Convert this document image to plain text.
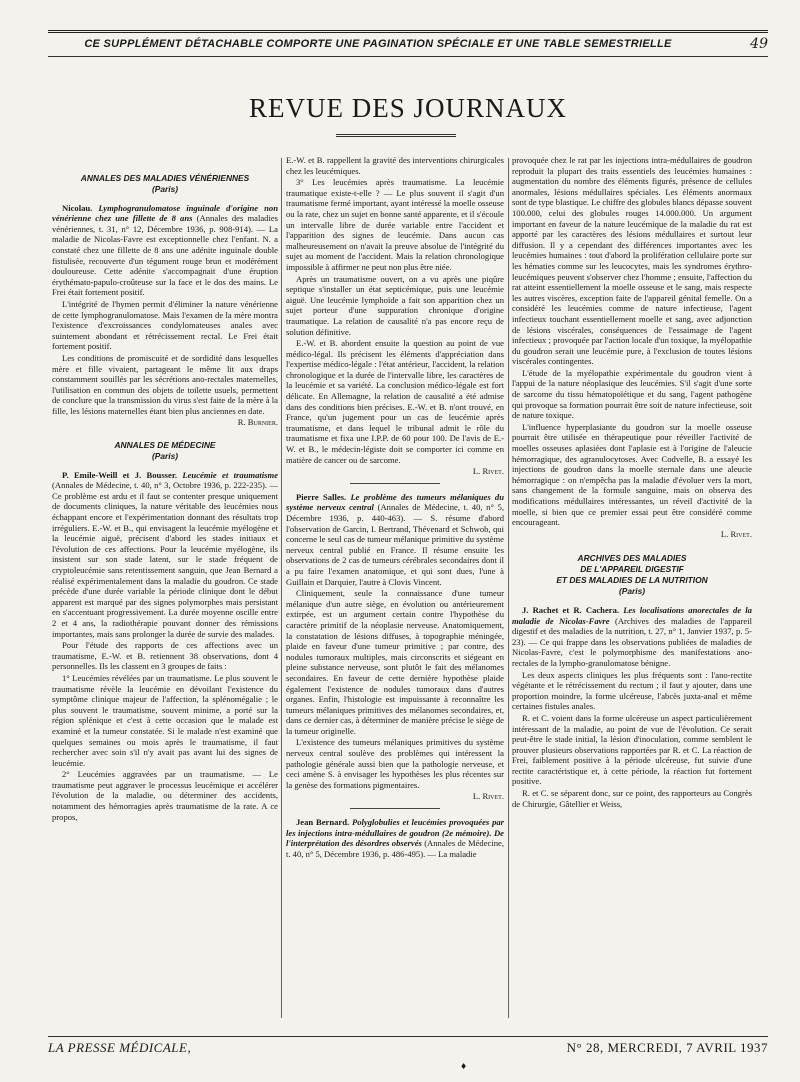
CE SUPPLÉMENT DÉTACHABLE COMPORTE UNE PAGINATION SPÉCIALE ET UNE TABLE SEMESTRIELLE	49
REVUE DES JOURNAUX
ANNALES DES MALADIES VÉNÉRIENNES
(Paris)

Nicolau. Lymphogranulomatose inguinale d'origine non vénérienne chez une fillette de 8 ans (Annales des maladies vénériennes, t. 31, n° 12, Décembre 1936, p. 908-914). — La maladie de Nicolas-Favre est exceptionnelle chez l'enfant. N. a constaté chez une fillette de 8 ans une adénite inguinale double fistulisée, recouverte d'un tégument rouge brun et modérément douloureuse. Cette adénite s'accompagnait d'une éruption érythémato-papulo-croûteuse sur la face et le dos des mains. Le Frei était fortement positif.

L'intégrité de l'hymen permit d'éliminer la nature vénérienne de cette lymphogranulomatose. Mais l'examen de la mère montra l'existence d'excroissances condylomateuses anales avec suintement abondant et rétrécissement rectal. Le Frei était fortement positif.

Les conditions de promiscuité et de sordidité dans lesquelles mère et fille vivaient, partageant le même lit aux draps constamment souillés par les sécrétions ano-rectales maternelles, l'utilisation en commun des objets de toilette usuels, permettent de conclure que la transmission du virus s'est faite de la mère à la fille, les lésions maternelles étant bien plus anciennes en date.

R. Burnier.

ANNALES DE MÉDECINE
(Paris)

P. Emile-Weill et J. Bousser. Leucémie et traumatisme (Annales de Médecine, t. 40, n° 3, Octobre 1936, p. 222-235). — Ce problème est ardu et il faut se contenter presque uniquement de documents cliniques, la nature véritable des leucémies nous échappant encore et l'expérimentation donnant des résultats trop irréguliers. E.-W. et B., qui envisagent la leucémie myélogène et la leucémie aiguë, précisent d'abord les stades initiaux et l'évolution de ces affections. Pour la leucémie myélogène, ils insistent sur son stade latent, sur le stade fréquent de cryptoleucémie sans retentissement sanguin, que Jean Bernard a réalisé expérimentalement dans la maladie du goudron. Ce stade précède d'une durée variable la période clinique dont le début apparent est marqué par des signes polymorphes mais persistant en s'accentuant progressivement. La durée moyenne oscille entre 2 et 4 ans, la radiothérapie pouvant donner des rémissions importantes, mais sans prolonger la durée de survie des malades.

Pour l'étude des rapports de ces affections avec un traumatisme, E.-W. et B. retiennent 38 observations, dont 4 personnelles. Ils les classent en 3 groupes de faits :

1° Leucémies révélées par un traumatisme. Le plus souvent le traumatisme révèle la leucémie en dévoilant l'existence du symptôme clinique majeur de l'affection, la splénomégalie ; le plus souvent le traumatisme, souvent minime, a porté sur la région splénique et c'est à cette occasion que le malade est examiné et la tumeur constatée. Si le malade n'est examiné que quelques semaines ou mois après le traumatisme, il faut rechercher avec soin s'il n'y avait pas avant lui des signes de leucémie.

2° Leucémies aggravées par un traumatisme. — Le traumatisme peut aggraver le processus leucémique et accélérer l'évolution de la maladie, ou déterminer des accidents, notamment des hémorragies après traumatisme de la rate. A ce propos,

E.-W. et B. rappellent la gravité des interventions chirurgicales chez les leucémiques.

3° Les leucémies après traumatisme. La leucémie traumatique existe-t-elle ? — Le plus souvent il s'agit d'un traumatisme fermé important, ayant intéressé la moelle osseuse ou la rate, chez un sujet en bonne santé apparente, et il s'écoule un intervalle libre de durée variable entre l'accident et l'apparition des signes de leucémie. Dans aucun cas malheureusement on n'avait la preuve absolue de l'intégrité du sujet au moment de l'accident. Mais la relation chronologique impossible à affirmer ne peut non plus être niée.

Après un traumatisme ouvert, on a vu après une piqûre septique s'installer un état septicémique, puis une leucémie aiguë. Une leucémie lymphoïde a fait son apparition chez un sujet porteur d'une suppuration chronique d'origine traumatique. La relation de causalité n'a pas encore reçu de solution définitive.

E.-W. et B. abordent ensuite la question au point de vue médico-légal. Ils précisent les éléments d'appréciation dans l'expertise médico-légale : l'état antérieur, l'accident, la relation chronologique et la durée de l'intervalle libre, les caractères de la leucémie et sa variété. La conclusion médico-légale est fort délicate. En Allemagne, la relation de causalité a été admise dans des conditions bien précises. E.-W. et B. n'ont trouvé, en France, qu'un jugement pour un cas de leucémie après traumatisme, et dans lequel le tribunal admit le rôle du traumatisme et fixa une I.P.P. de 60 pour 100. De l'avis de E.-W. et B., le médecin-légiste doit se comporter ici comme en matière de cancer ou de sarcome.

L. Rivet.

Pierre Salles. Le problème des tumeurs mélaniques du système nerveux central (Annales de Médecine, t. 40, n° 5, Décembre 1936, p. 440-463). — S. résume d'abord l'observation de Garcin, I. Bertrand, Thévenard et Schwob, qui concerne le seul cas de tumeur mélanique primitive du système nerveux central publié en France. Il résume ensuite les observations de 2 cas de tumeurs cérébrales secondaires dont il a pu faire l'examen anatomique, et qui sont dues, l'une à Guillain et Darquier, l'autre à Clovis Vincent.

Cliniquement, seule la connaissance d'une tumeur mélanique d'un autre siège, en évolution ou antérieurement extirpée, est un argument certain contre l'hypothèse du caractère primitif de la néoplasie nerveuse. Anatomiquement, la constatation de lésions diffuses, à topographie méningée, plaide en faveur d'une tumeur primitive ; par contre, des nodules tumoraux multiples, mais circonscrits et siégeant en pleine substance nerveuse, sont plutôt le fait des mélanomes secondaires. En faveur de cette dernière hypothèse plaide également l'existence de nodules tumoraux dans d'autres organes. Enfin, l'histologie est impuissante à reconnaître les tumeurs mélaniques primitives des mélanomes secondaires, et, dans ce dernier cas, à déterminer de manière précise le siège de la tumeur originelle.

L'existence des tumeurs mélaniques primitives du système nerveux central soulève des problèmes qui intéressent la pathologie générale aussi bien que la pathologie nerveuse, et ceci amène S. à envisager les hypothèses les plus récentes sur la genèse des formations pigmentaires.

L. Rivet.

Jean Bernard. Polyglobulies et leucémies provoquées par les injections intra-médullaires de goudron (2e mémoire). De l'interprétation des désordres observés (Annales de Médecine, t. 40, n° 5, Décembre 1936, p. 486-495). — La maladie

provoquée chez le rat par les injections intra-médullaires de goudron reproduit la plupart des traits essentiels des leucémies humaines : augmentation du nombre des éléments figurés, présence de cellules anormales, lésions médullaires spéciales. Les éléments anormaux sont de type blastique. Le chiffre des globules blancs dépasse souvent 100.000, celui des globules rouges 14.000.000. Un argument important en faveur de la nature leucémique de la maladie du rat est apporté par les caractères des lésions médullaires et surtout leur diffusion. Il y a cependant des différences importantes avec les leucémies humaines : tout d'abord la prolifération cellulaire porte sur les hématies comme sur les leucocytes, mais les syndromes érythro-leucémiques peuvent s'observer chez l'homme ; ensuite, l'affection du rat atteint essentiellement la moelle osseuse et le sang, mais respecte les autres viscères, exception faite de l'appareil génital femelle. On a considéré les leucémies comme de nature infectieuse, l'agent infectieux touchant essentiellement moelle et sang, avec adjonction de lésions viscérales, conséquences de l'essaimage de l'agent infectieux ; provoquée par l'action locale d'un toxique, la myélopathie du goudron serait une leucémie pure, à l'exclusion de toutes lésions viscérales contingentes.

L'étude de la myélopathie expérimentale du goudron vient à l'appui de la nature néoplasique des leucémies. S'il s'agit d'une sorte de sarcome du tissu hématopoïétique et du sang, l'agent pathogène qui provoque sa formation pourrait être soit de nature infectieuse, soit de nature toxique.

L'influence hyperplasiante du goudron sur la moelle osseuse pourrait être utilisée en thérapeutique pour réveiller l'activité de moelles osseuses aplasiées dont l'aplasie est à l'origine de l'aleucie hémorragique, des agranulocytoses. Avec Codvelle, B. a essayé les injections de goudron dans la moelle sternale dans une aleucie hémorragique : on n'empêcha pas la maladie d'évoluer vers la mort, sans changement de la formule sanguine, mais on observa des modifications médullaires intéressantes, un réveil d'activité de la moelle, si bien que ce premier essai peut être considéré comme encourageant.

L. Rivet.

ARCHIVES DES MALADIES
DE L'APPAREIL DIGESTIF
ET DES MALADIES DE LA NUTRITION
(Paris)

J. Rachet et R. Cachera. Les localisations anorectales de la maladie de Nicolas-Favre (Archives des maladies de l'appareil digestif et des maladies de la nutrition, t. 27, n° 1, Janvier 1937, p. 5-23). — Ce qui frappe dans les observations publiées de maladies de Nicolas-Favre, c'est le polymorphisme des manifestations ano-rectales de la lympho-granulomatose bénigne.

Les deux aspects cliniques les plus fréquents sont : l'ano-rectite végétante et le rétrécissement du rectum ; il faut y ajouter, dans une proportion moindre, la forme ulcéreuse, l'abcès juxta-anal et même certaines fistules anales.

R. et C. voient dans la forme ulcéreuse un aspect particulièrement intéressant de la maladie, au point de vue de l'évolution. Ce serait peut-être le stade initial, la lésion d'inoculation, comme semblent le prouver plusieurs observations rapportées par R. et C. La réaction de Frei, faiblement positive à la période ulcéreuse, fut suivie d'une rectite caractéristique et, à cette période, la réaction fut fortement positive.

R. et C. se séparent donc, sur ce point, des rapporteurs au Congrès de Chirurgie, Gâtellier et Weiss,

LA PRESSE MÉDICALE,	N° 28, MERCREDI, 7 AVRIL 1937
♦
